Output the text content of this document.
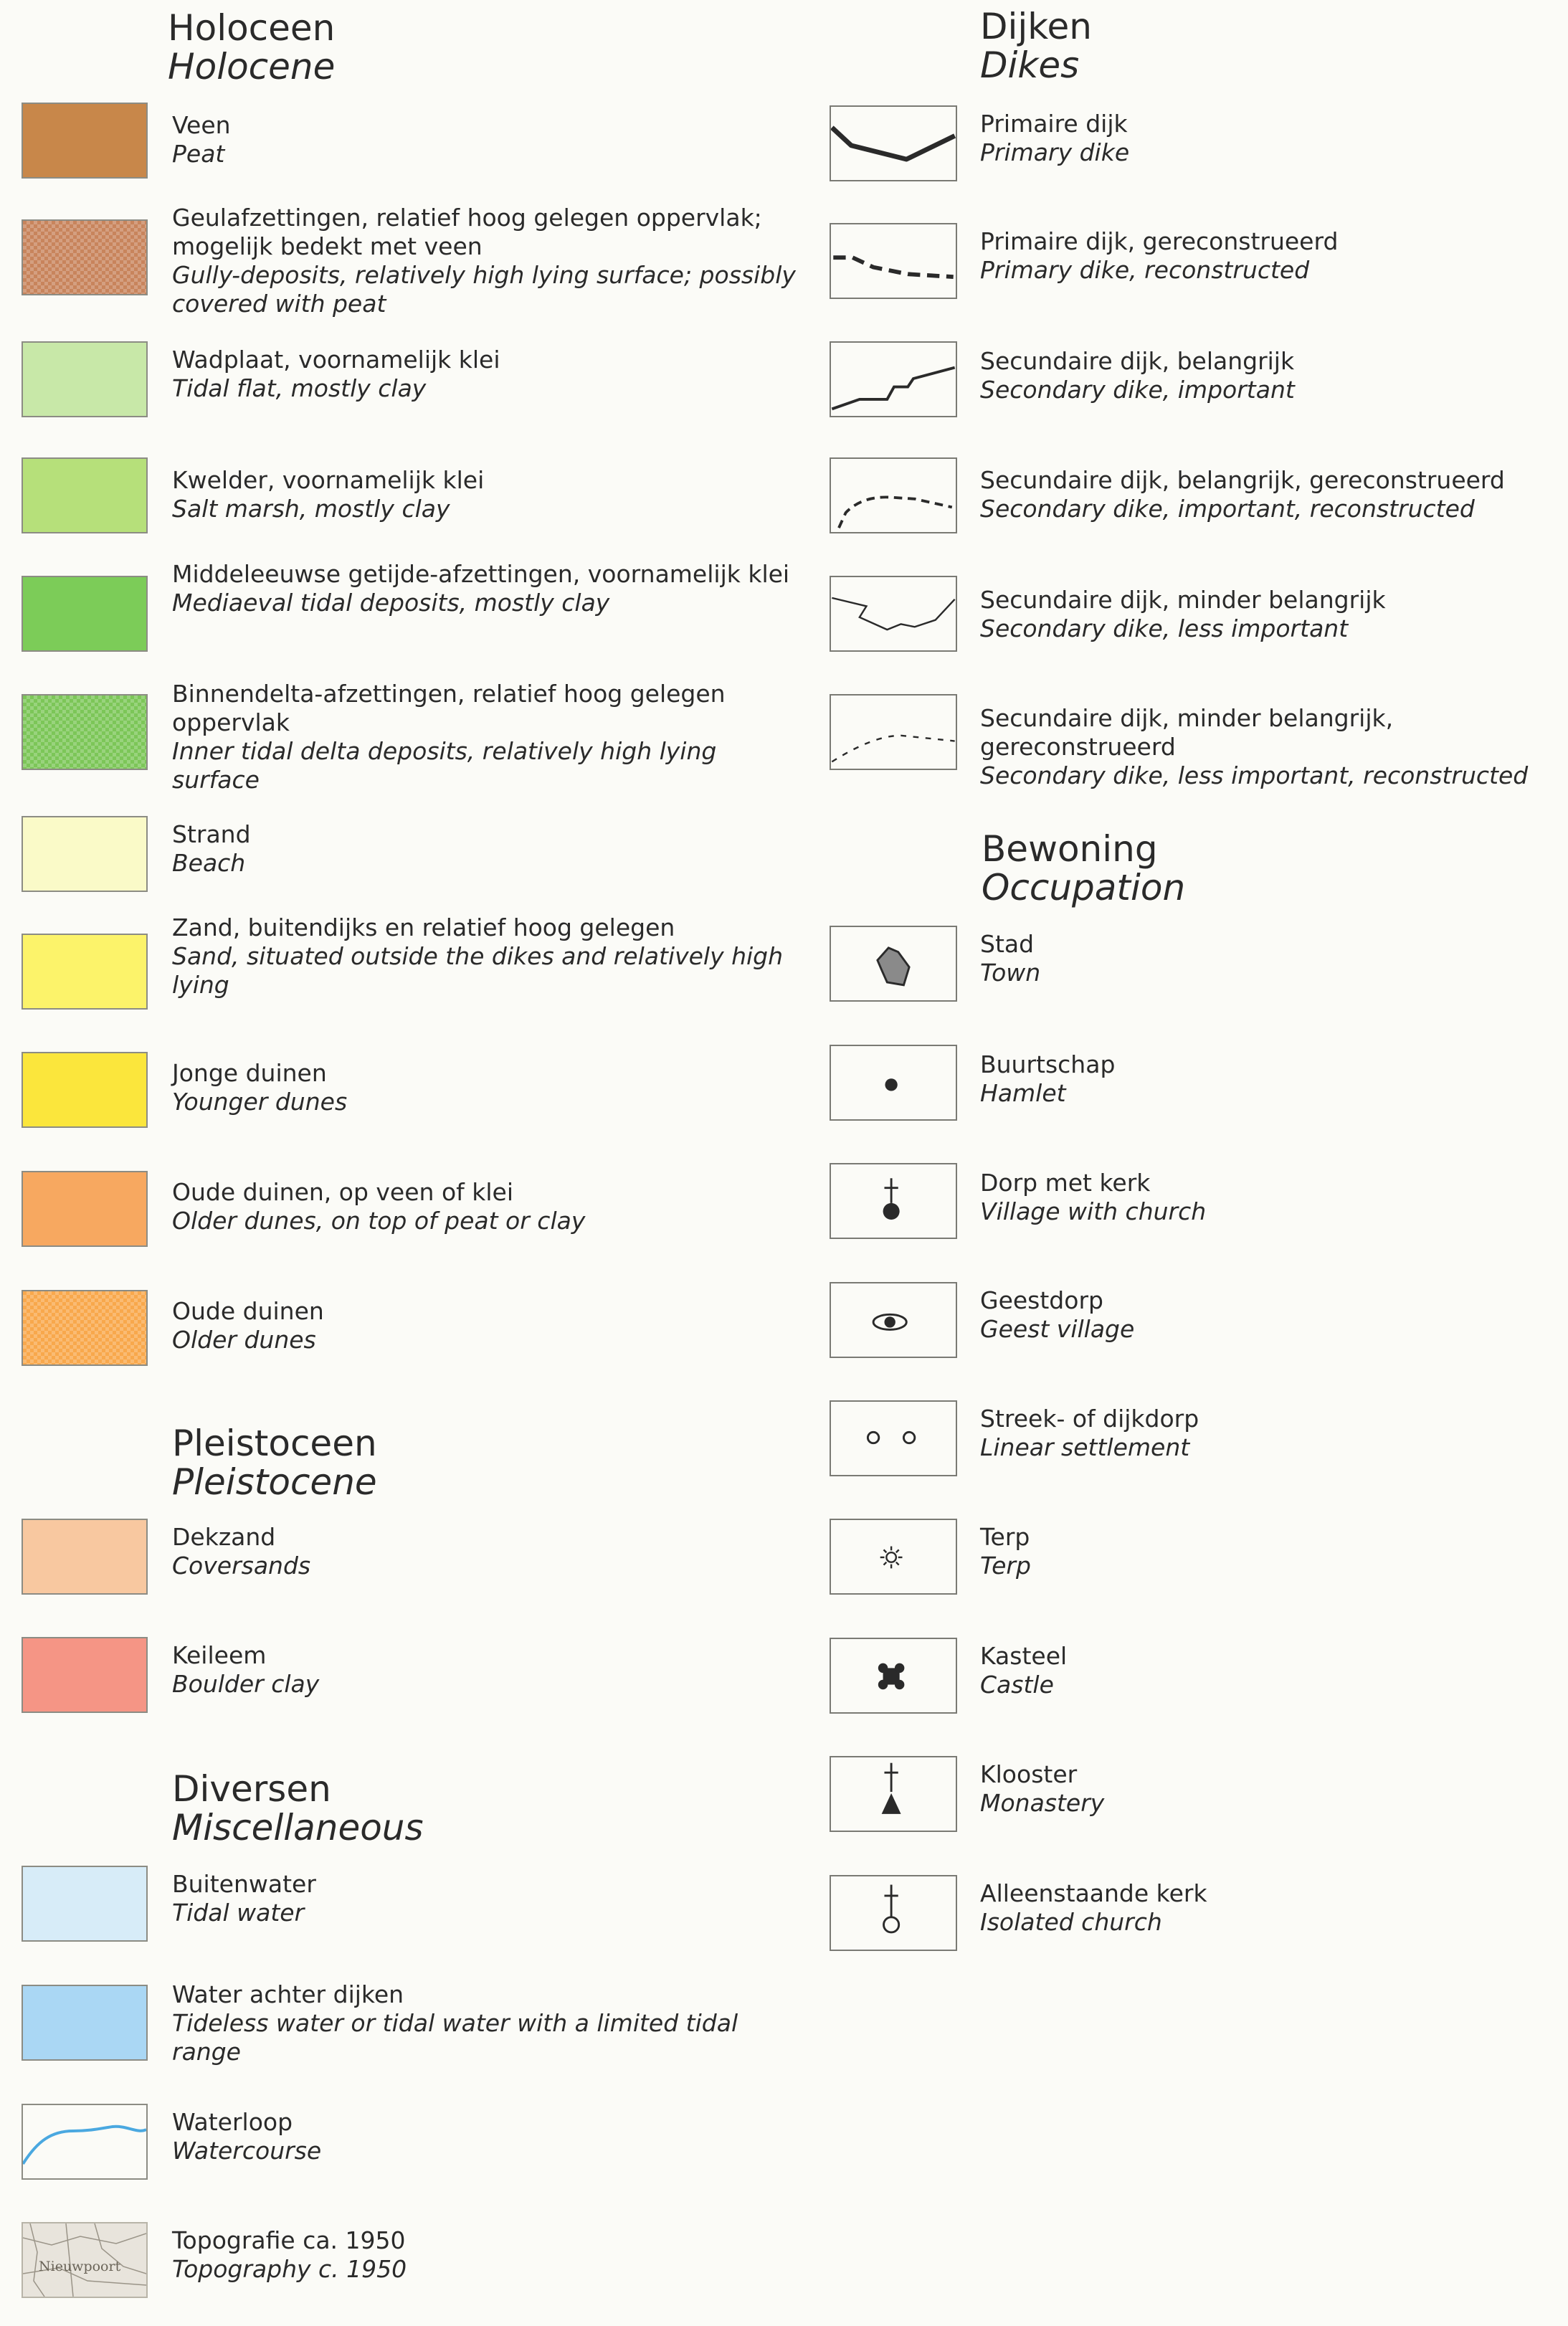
Holoceen
Holocene
Veen
Peat
Geulafzettingen, relatief hoog gelegen oppervlak; mogelijk bedekt met veen
Gully-deposits, relatively high lying surface; possibly covered with peat
Wadplaat, voornamelijk klei
Tidal flat, mostly clay
Kwelder, voornamelijk klei
Salt marsh, mostly clay
Middeleeuwse getijde-afzettingen, voornamelijk klei
Mediaeval tidal deposits, mostly clay
Binnendelta-afzettingen, relatief hoog gelegen oppervlak
Inner tidal delta deposits, relatively high lying surface
Strand
Beach
Zand, buitendijks en relatief hoog gelegen
Sand, situated outside the dikes and relatively high lying
Jonge duinen
Younger dunes
Oude duinen, op veen of klei
Older dunes, on top of peat or clay
Oude duinen
Older dunes
Pleistoceen
Pleistocene
Dekzand
Coversands
Keileem
Boulder clay
Diversen
Miscellaneous
Buitenwater
Tidal water
Water achter dijken
Tideless water or tidal water with a limited tidal range
Waterloop
Watercourse
Nieuwpoort
Topografie ca. 1950
Topography c. 1950
Dijken
Dikes
Primaire dijk
Primary dike
Primaire dijk, gereconstrueerd
Primary dike, reconstructed
Secundaire dijk, belangrijk
Secondary dike, important
Secundaire dijk, belangrijk, gereconstrueerd
Secondary dike, important, reconstructed
Secundaire dijk, minder belangrijk
Secondary dike, less important
Secundaire dijk, minder belangrijk, gereconstrueerd
Secondary dike, less important, reconstructed
Bewoning
Occupation
Stad
Town
Buurtschap
Hamlet
Dorp met kerk
Village with church
Geestdorp
Geest village
Streek- of dijkdorp
Linear settlement
Terp
Terp
Kasteel
Castle
Klooster
Monastery
Alleenstaande kerk
Isolated church
